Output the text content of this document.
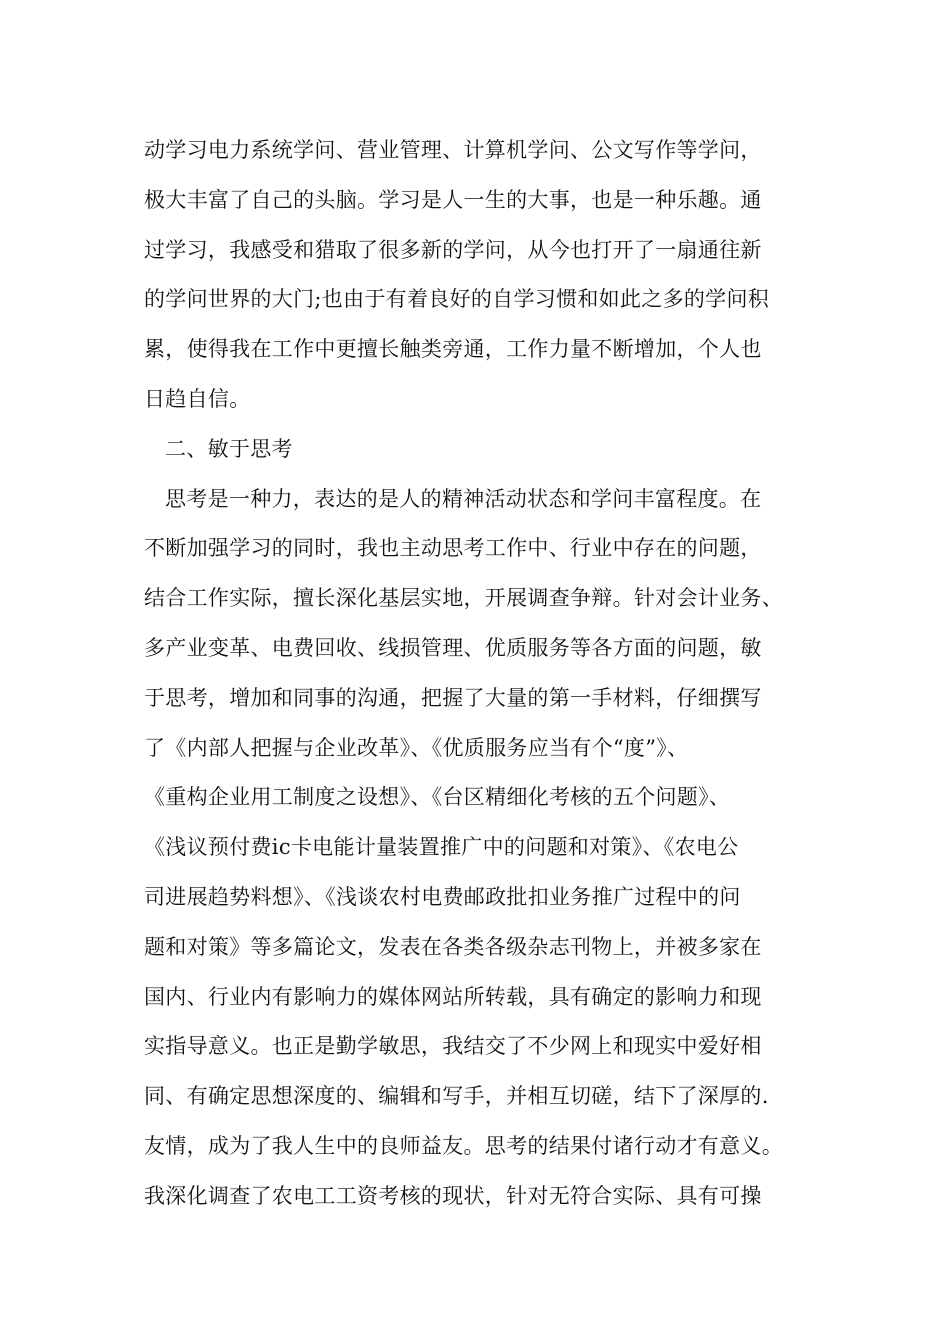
动学习电力系统学问、营业管理、计算机学问、公文写作等学问，
极大丰富了自己的头脑。学习是人一生的大事，也是一种乐趣。通
过学习，我感受和猎取了很多新的学问，从今也打开了一扇通往新
的学问世界的大门;也由于有着良好的自学习惯和如此之多的学问积
累，使得我在工作中更擅长触类旁通，工作力量不断增加，个人也
日趋自信。
二、敏于思考
思考是一种力，表达的是人的精神活动状态和学问丰富程度。在
不断加强学习的同时，我也主动思考工作中、行业中存在的问题，
结合工作实际，擅长深化基层实地，开展调查争辩。针对会计业务、
多产业变革、电费回收、线损管理、优质服务等各方面的问题，敏
于思考，增加和同事的沟通，把握了大量的第一手材料，仔细撰写
了《内部人把握与企业改革》、《优质服务应当有个“度”》、
《重构企业用工制度之设想》、《台区精细化考核的五个问题》、
《浅议预付费ic卡电能计量装置推广中的问题和对策》、《农电公
司进展趋势料想》、《浅谈农村电费邮政批扣业务推广过程中的问
题和对策》等多篇论文，发表在各类各级杂志刊物上，并被多家在
国内、行业内有影响力的媒体网站所转载，具有确定的影响力和现
实指导意义。也正是勤学敏思，我结交了不少网上和现实中爱好相
同、有确定思想深度的、编辑和写手，并相互切磋，结下了深厚的.
友情，成为了我人生中的良师益友。思考的结果付诸行动才有意义。
我深化调查了农电工工资考核的现状，针对无符合实际、具有可操
